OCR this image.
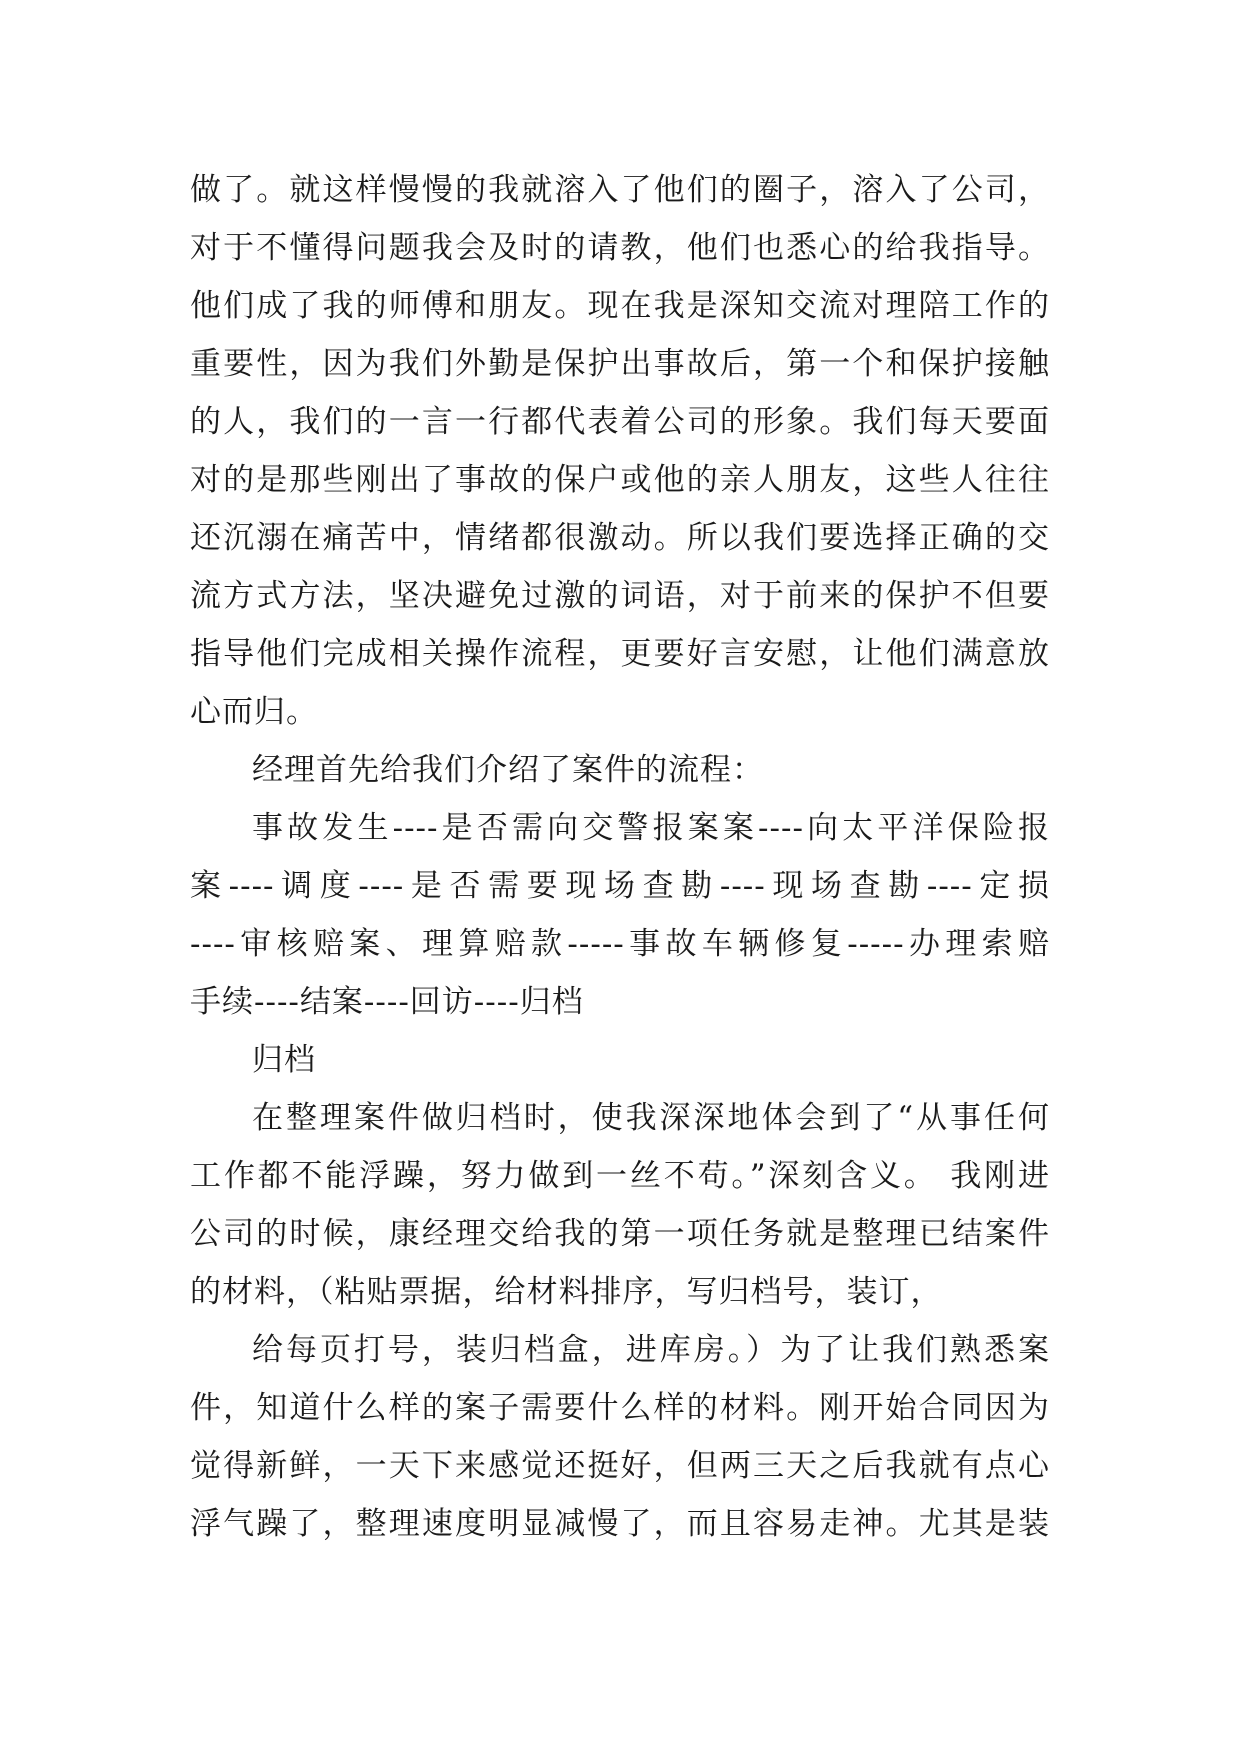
做了。就这样慢慢的我就溶入了他们的圈子，溶入了公司，
对于不懂得问题我会及时的请教，他们也悉心的给我指导。
他们成了我的师傅和朋友。现在我是深知交流对理陪工作的
重要性，因为我们外勤是保护出事故后，第一个和保护接触
的人，我们的一言一行都代表着公司的形象。我们每天要面
对的是那些刚出了事故的保户或他的亲人朋友，这些人往往
还沉溺在痛苦中，情绪都很激动。所以我们要选择正确的交
流方式方法，坚决避免过激的词语，对于前来的保护不但要
指导他们完成相关操作流程，更要好言安慰，让他们满意放
心而归。
经理首先给我们介绍了案件的流程：
事故发生----是否需向交警报案案----向太平洋保险报
案----调度----是否需要现场查勘----现场查勘----定损
----审核赔案、理算赔款-----事故车辆修复-----办理索赔
手续----结案----回访----归档
归档
在整理案件做归档时，使我深深地体会到了“从事任何
工作都不能浮躁，努力做到一丝不苟。”深刻含义。 我刚进
公司的时候，康经理交给我的第一项任务就是整理已结案件
的材料，（粘贴票据，给材料排序，写归档号，装订，
给每页打号，装归档盒，进库房。）为了让我们熟悉案
件，知道什么样的案子需要什么样的材料。刚开始合同因为
觉得新鲜，一天下来感觉还挺好，但两三天之后我就有点心
浮气躁了，整理速度明显减慢了，而且容易走神。尤其是装
